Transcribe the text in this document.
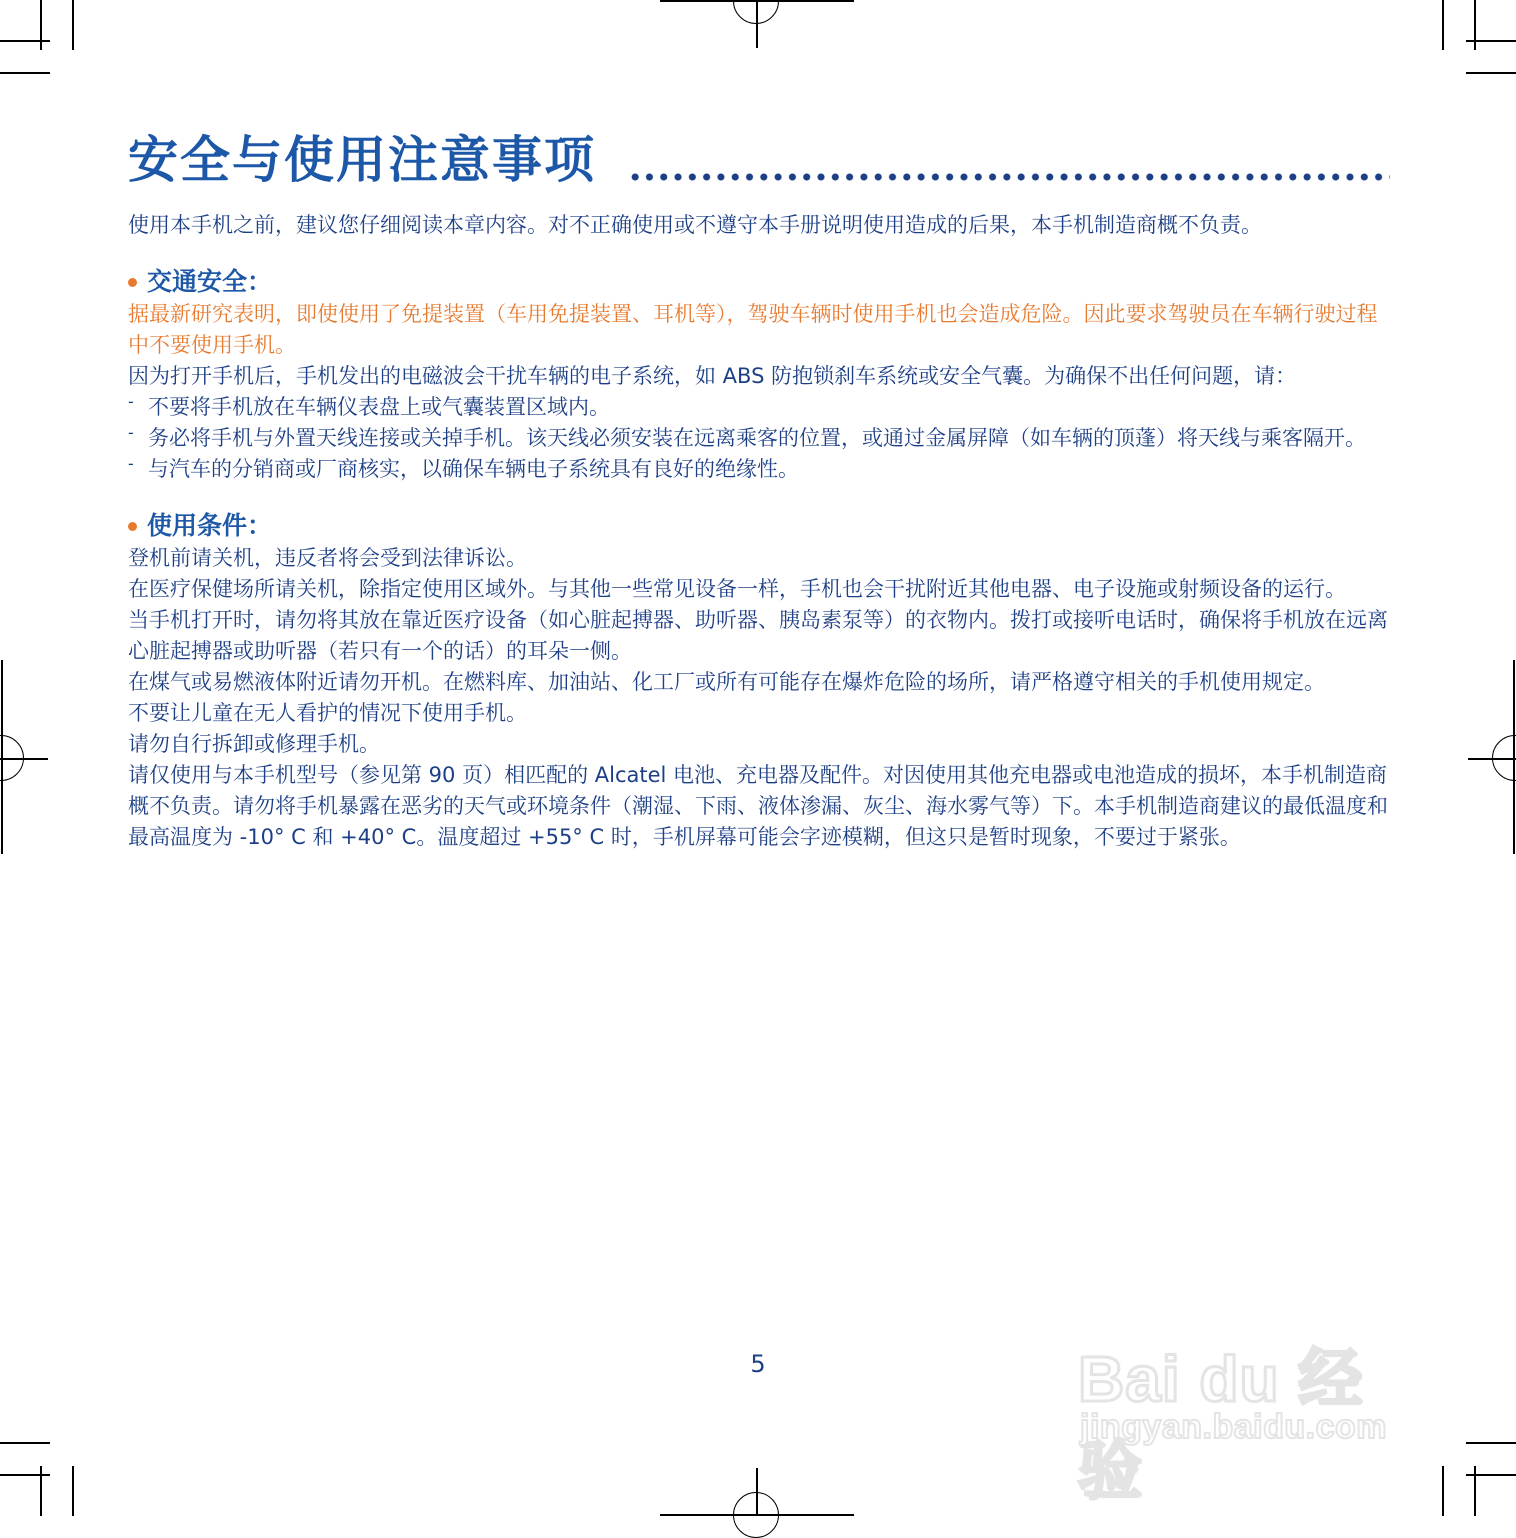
安全与使用注意事项

使用本手机之前，建议您仔细阅读本章内容。对不正确使用或不遵守本手册说明使用造成的后果，本手机制造商概不负责。

交通安全：

据最新研究表明，即使使用了免提装置（车用免提装置、耳机等），驾驶车辆时使用手机也会造成危险。因此要求驾驶员在车辆行驶过程中不要使用手机。

因为打开手机后，手机发出的电磁波会干扰车辆的电子系统，如 ABS 防抱锁刹车系统或安全气囊。为确保不出任何问题，请：

- 不要将手机放在车辆仪表盘上或气囊装置区域内。

- 务必将手机与外置天线连接或关掉手机。该天线必须安装在远离乘客的位置，或通过金属屏障（如车辆的顶蓬）将天线与乘客隔开。

- 与汽车的分销商或厂商核实，以确保车辆电子系统具有良好的绝缘性。

使用条件：

登机前请关机，违反者将会受到法律诉讼。

在医疗保健场所请关机，除指定使用区域外。与其他一些常见设备一样，手机也会干扰附近其他电器、电子设施或射频设备的运行。

当手机打开时，请勿将其放在靠近医疗设备（如心脏起搏器、助听器、胰岛素泵等）的衣物内。拨打或接听电话时，确保将手机放在远离心脏起搏器或助听器（若只有一个的话）的耳朵一侧。

在煤气或易燃液体附近请勿开机。在燃料库、加油站、化工厂或所有可能存在爆炸危险的场所，请严格遵守相关的手机使用规定。

不要让儿童在无人看护的情况下使用手机。

请勿自行拆卸或修理手机。

请仅使用与本手机型号（参见第 90 页）相匹配的 Alcatel 电池、充电器及配件。对因使用其他充电器或电池造成的损坏，本手机制造商概不负责。请勿将手机暴露在恶劣的天气或环境条件（潮湿、下雨、液体渗漏、灰尘、海水雾气等）下。本手机制造商建议的最低温度和最高温度为 -10° C 和 +40° C。温度超过 +55° C 时，手机屏幕可能会字迹模糊，但这只是暂时现象，不要过于紧张。

5	Bai du 经验
jingyan.baidu.com
